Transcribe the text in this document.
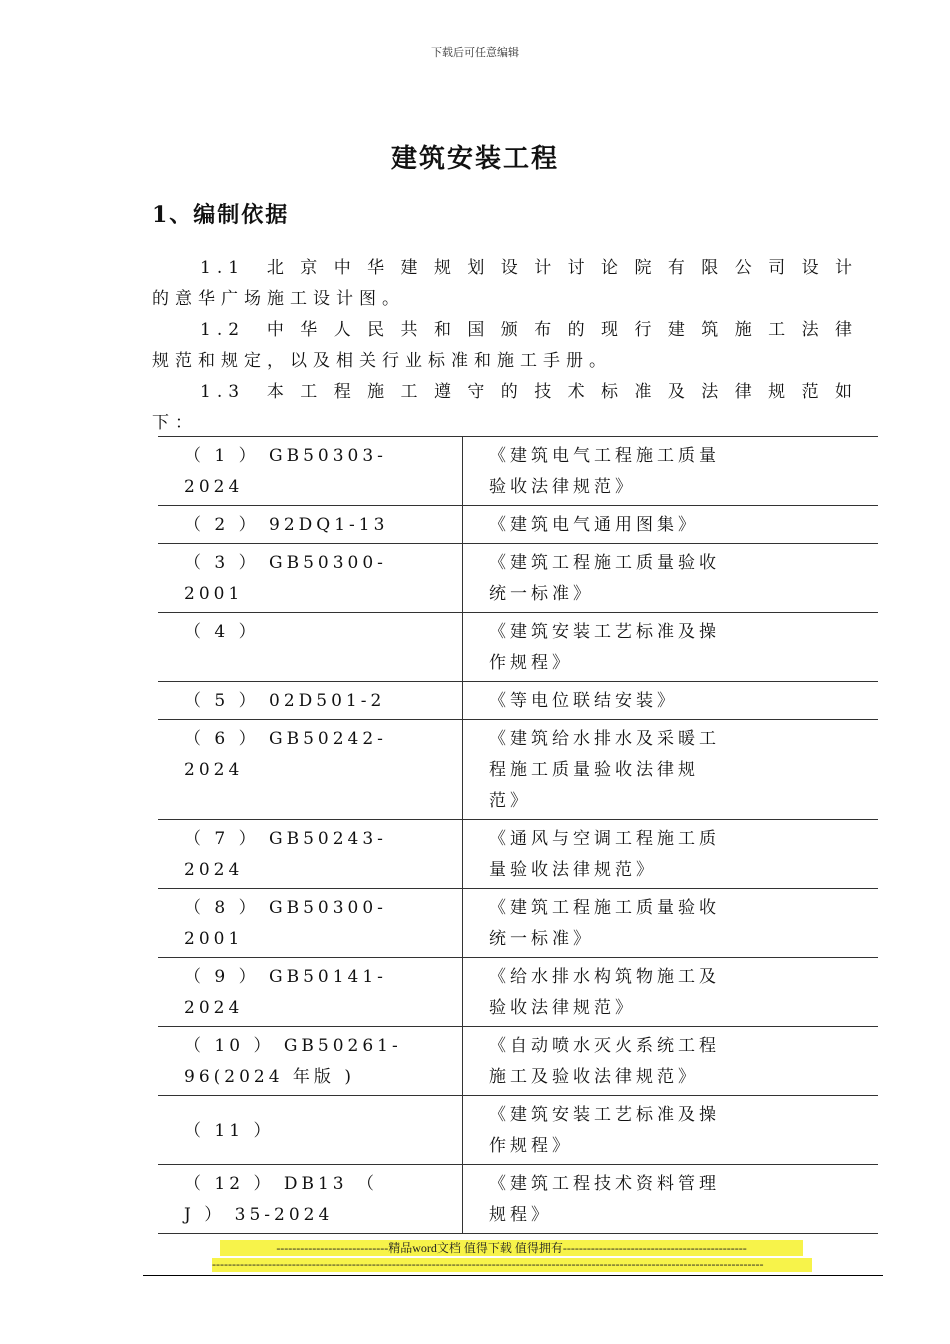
下载后可任意编辑
建筑安装工程
1、编制依据
1.1 北京中华建规划设计讨论院有限公司设计
的意华广场施工设计图。
1.2 中华人民共和国颁布的现行建筑施工法律
规范和规定，以及相关行业标准和施工手册。
1.3 本工程施工遵守的技术标准及法律规范如
下：
（ 1 ） GB50303-
2024	《建筑电气工程施工质量
验收法律规范》

（ 2 ） 92DQ1-13	《建筑电气通用图集》

（ 3 ） GB50300-
2001	《建筑工程施工质量验收
统一标准》

（ 4 ）	《建筑安装工艺标准及操
作规程》

（ 5 ） 02D501-2	《等电位联结安装》

（ 6 ） GB50242-
2024	《建筑给水排水及采暖工
程施工质量验收法律规
范》

（ 7 ） GB50243-
2024	《通风与空调工程施工质
量验收法律规范》

（ 8 ） GB50300-
2001	《建筑工程施工质量验收
统一标准》

（ 9 ） GB50141-
2024	《给水排水构筑物施工及
验收法律规范》

（ 10 ） GB50261-
96(2024 年版 )	《自动喷水灭火系统工程
施工及验收法律规范》

（ 11 ）	《建筑安装工艺标准及操
作规程》

（ 12 ） DB13 （
J ） 35-2024	《建筑工程技术资料管理
规程》
----------------------------精品word文档 值得下载 值得拥有----------------------------------------------
------------------------------------------------------------------------------------------------------------------------------------------
